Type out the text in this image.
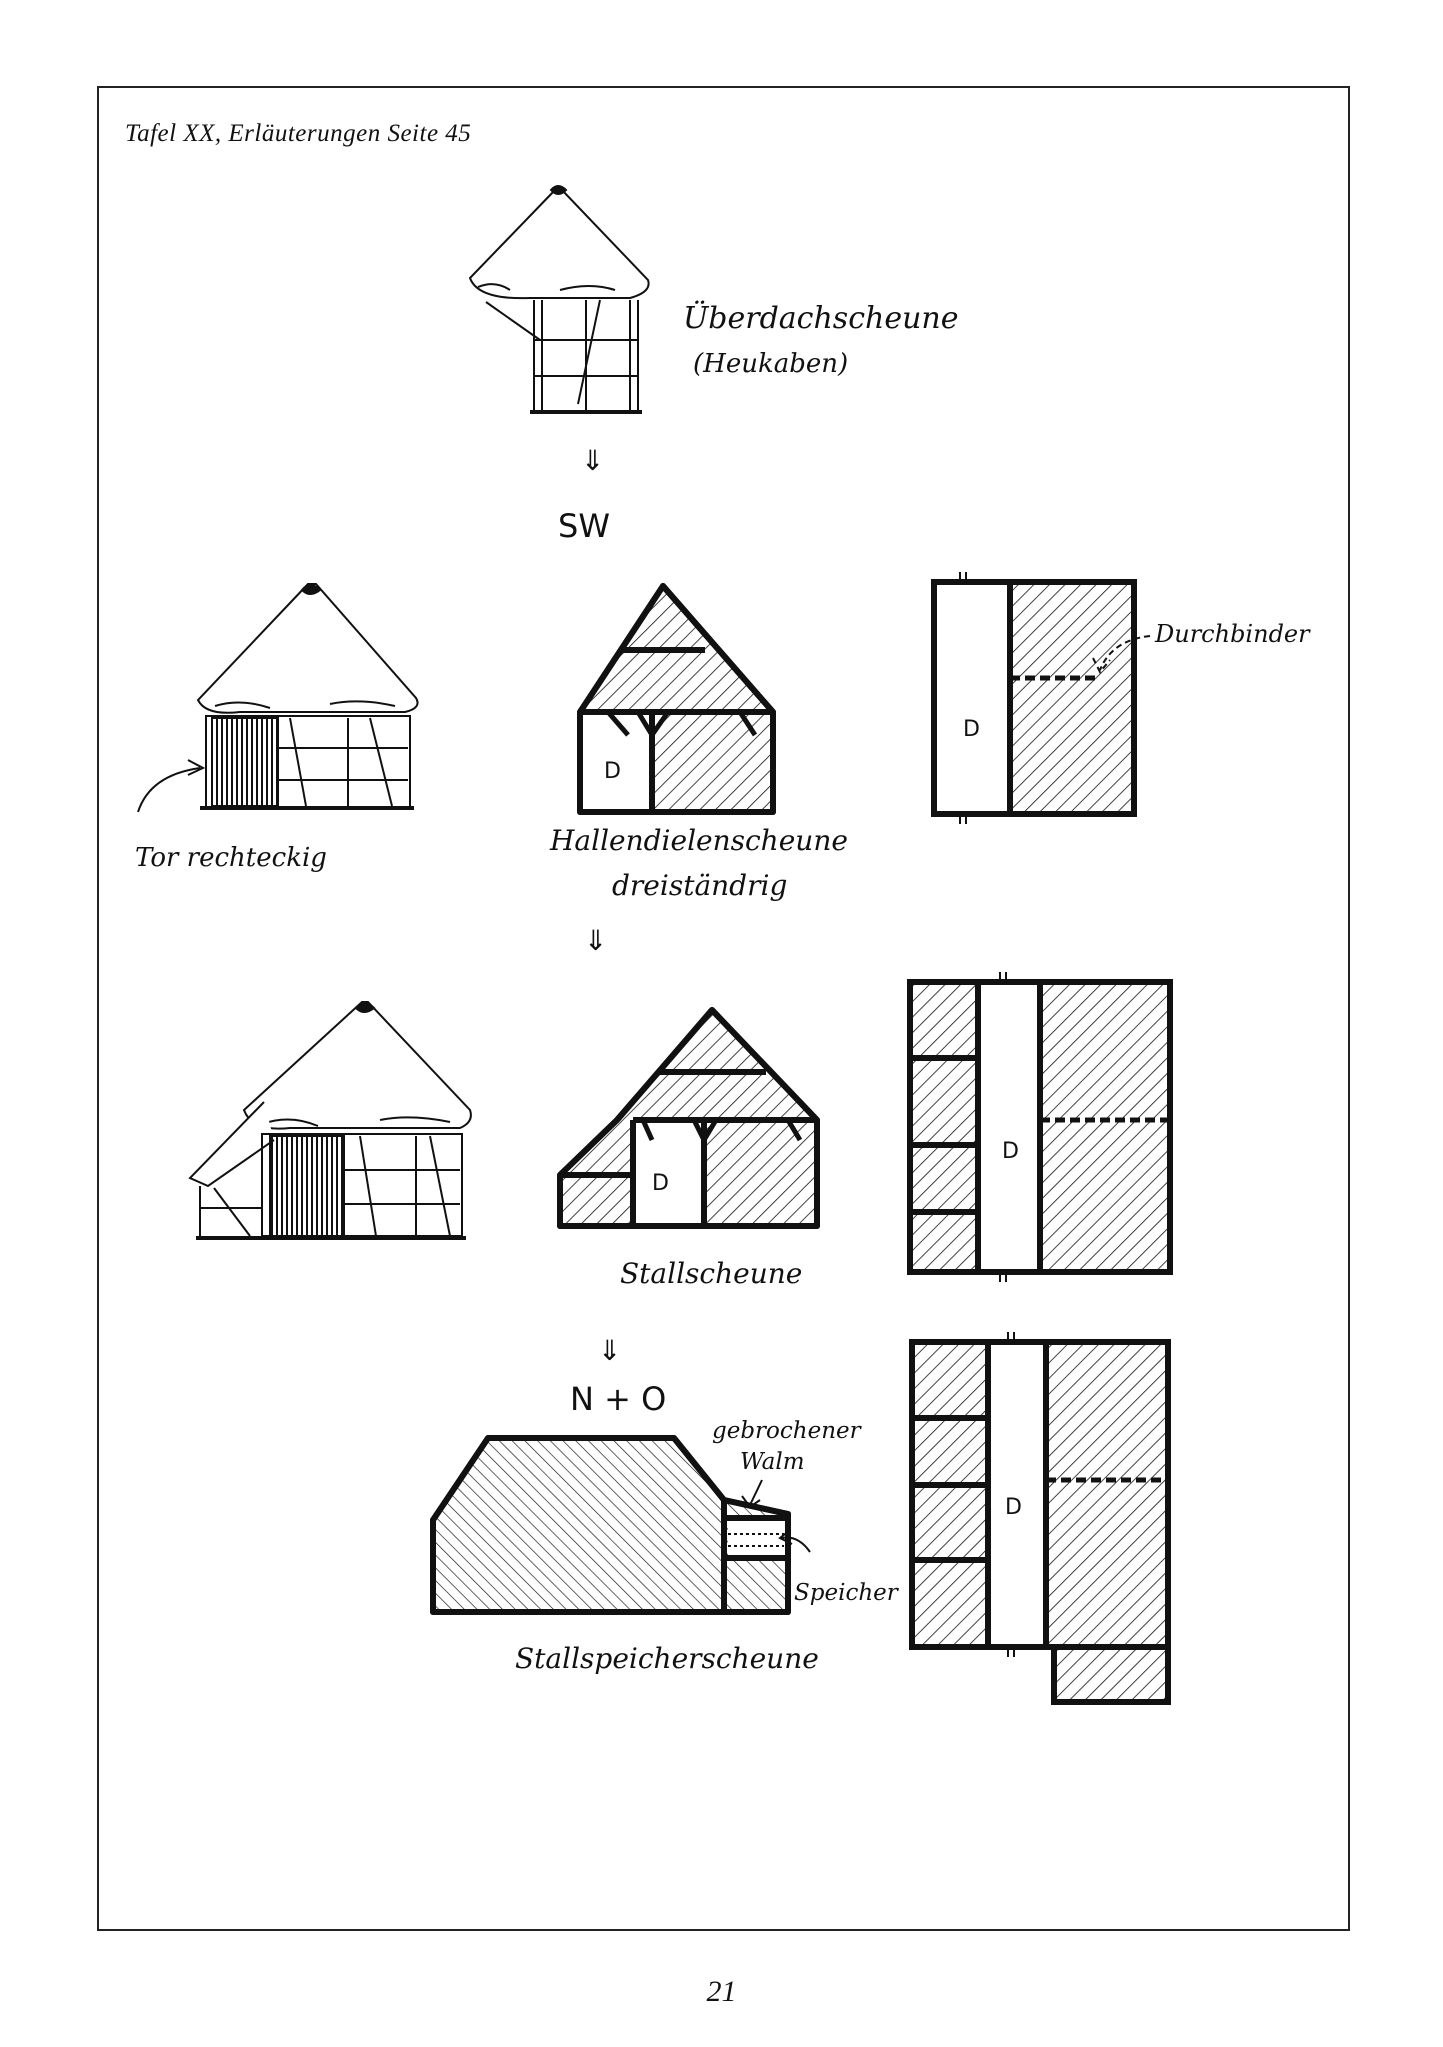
Tafel XX, Erläuterungen Seite 45
21
Überdachscheune
(Heukaben)
⇓
SW
Tor rechteckig
D
Hallendielenscheune
dreiständrig
D
Durchbinder
⇓
D
Stallscheune
D
⇓
N + O
gebrochener
Walm
Speicher
Stallspeicherscheune
D
